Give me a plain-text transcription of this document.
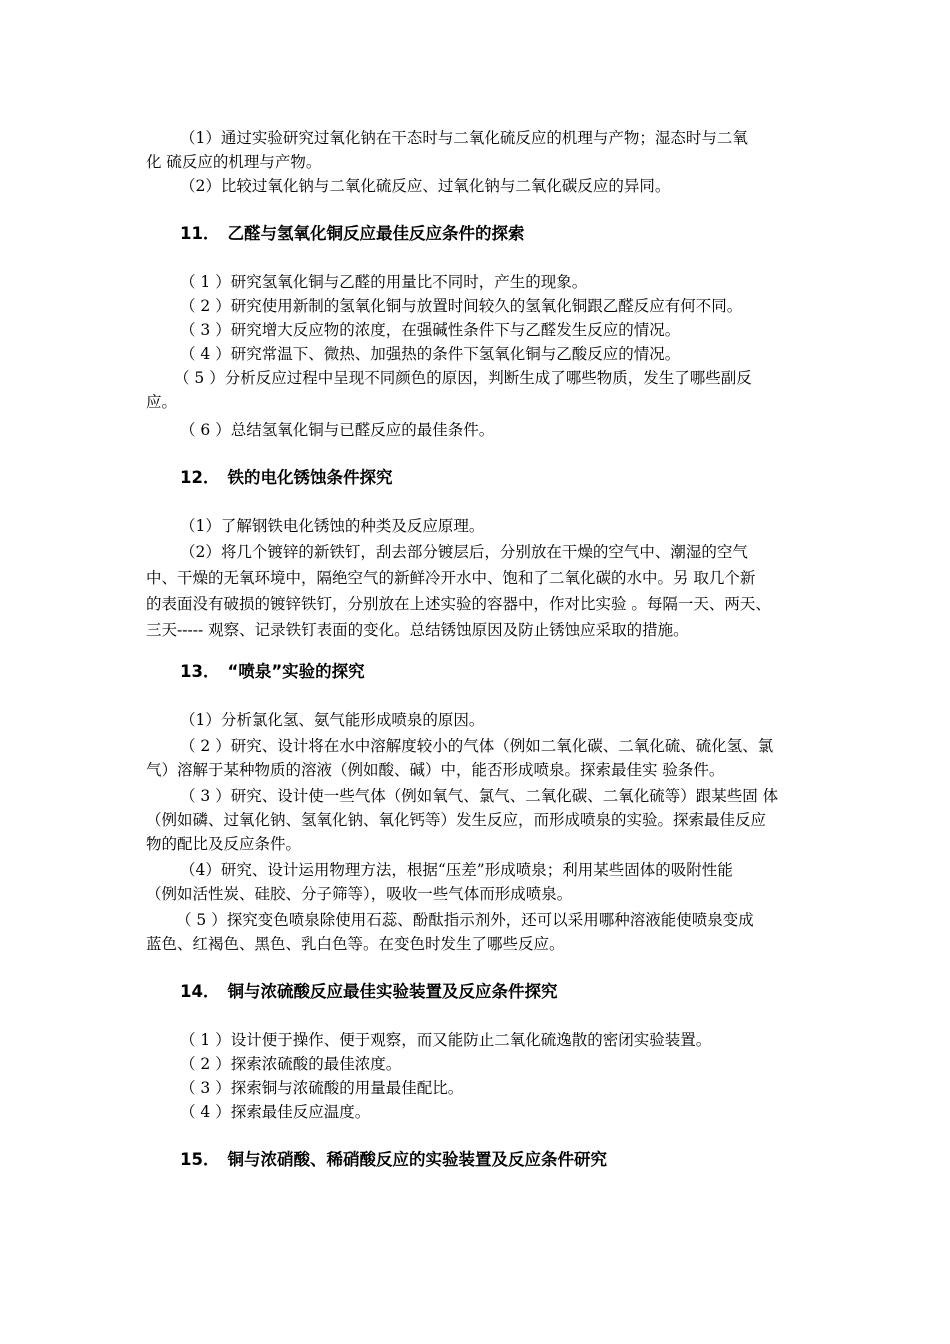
（1）通过实验研究过氧化钠在干态时与二氧化硫反应的机理与产物；湿态时与二氧
化 硫反应的机理与产物。
（2）比较过氧化钠与二氧化硫反应、过氧化钠与二氧化碳反应的异同。
11． 乙醛与氢氧化铜反应最佳反应条件的探索
（ 1 ）研究氢氧化铜与乙醛的用量比不同时，产生的现象。
（ 2 ）研究使用新制的氢氧化铜与放置时间较久的氢氧化铜跟乙醛反应有何不同。
（ 3 ）研究增大反应物的浓度，在强碱性条件下与乙醛发生反应的情况。
（ 4 ）研究常温下、微热、加强热的条件下氢氧化铜与乙酸反应的情况。
（ 5 ）分析反应过程中呈现不同颜色的原因，判断生成了哪些物质，发生了哪些副反
应。
（ 6 ）总结氢氧化铜与已醛反应的最佳条件。
12． 铁的电化锈蚀条件探究
（1）了解钢铁电化锈蚀的种类及反应原理。
（2）将几个镀锌的新铁钉，刮去部分镀层后，分别放在干燥的空气中、潮湿的空气
中、干燥的无氧环境中，隔绝空气的新鲜冷开水中、饱和了二氧化碳的水中。另 取几个新
的表面没有破损的镀锌铁钉，分别放在上述实验的容器中，作对比实验 。每隔一天、两天、
三天----- 观察、记录铁钉表面的变化。总结锈蚀原因及防止锈蚀应采取的措施。
13． “喷泉”实验的探究
（1）分析氯化氢、氨气能形成喷泉的原因。
（ 2 ）研究、设计将在水中溶解度较小的气体（例如二氧化碳、二氧化硫、硫化氢、氯
气）溶解于某种物质的溶液（例如酸、碱）中，能否形成喷泉。探索最佳实 验条件。
（ 3 ）研究、设计使一些气体（例如氧气、氯气、二氧化碳、二氧化硫等）跟某些固 体
（例如磷、过氧化钠、氢氧化钠、氧化钙等）发生反应，而形成喷泉的实验。探索最佳反应
物的配比及反应条件。
（4）研究、设计运用物理方法，根据“压差”形成喷泉；利用某些固体的吸附性能
（例如活性炭、硅胶、分子筛等），吸收一些气体而形成喷泉。
（ 5 ）探究变色喷泉除使用石蕊、酚酞指示剂外，还可以采用哪种溶液能使喷泉变成
蓝色、红褐色、黑色、乳白色等。在变色时发生了哪些反应。
14． 铜与浓硫酸反应最佳实验装置及反应条件探究
（ 1 ）设计便于操作、便于观察，而又能防止二氧化硫逸散的密闭实验装置。
（ 2 ）探索浓硫酸的最佳浓度。
（ 3 ）探索铜与浓硫酸的用量最佳配比。
（ 4 ）探索最佳反应温度。
15． 铜与浓硝酸、稀硝酸反应的实验装置及反应条件研究
